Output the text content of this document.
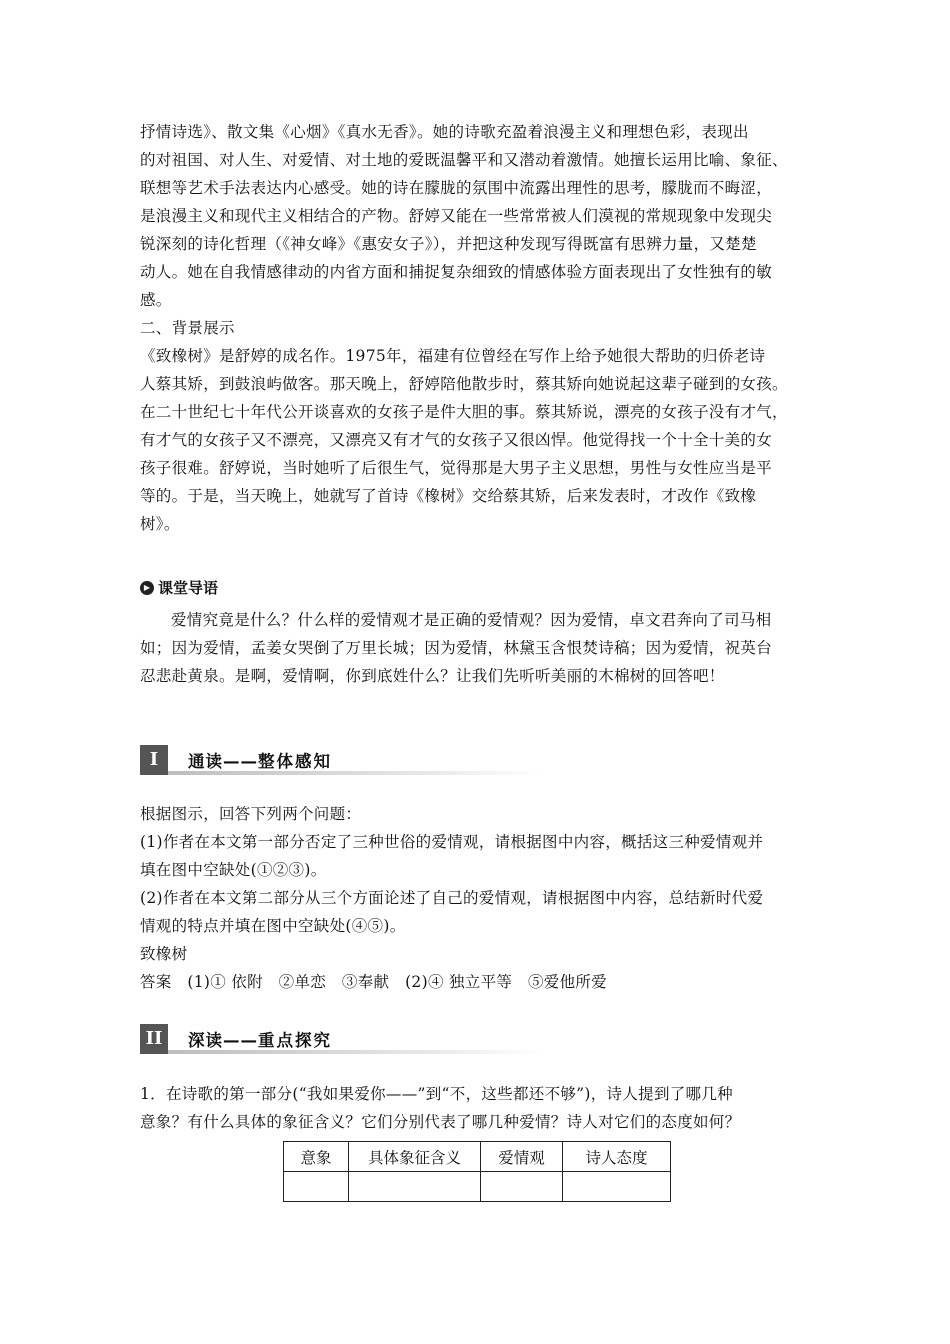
抒情诗选》、散文集《心烟》《真水无香》。她的诗歌充盈着浪漫主义和理想色彩，表现出

的对祖国、对人生、对爱情、对土地的爱既温馨平和又潜动着激情。她擅长运用比喻、象征、

联想等艺术手法表达内心感受。她的诗在朦胧的氛围中流露出理性的思考，朦胧而不晦涩，

是浪漫主义和现代主义相结合的产物。舒婷又能在一些常常被人们漠视的常规现象中发现尖

锐深刻的诗化哲理（《神女峰》《惠安女子》），并把这种发现写得既富有思辨力量，又楚楚

动人。她在自我情感律动的内省方面和捕捉复杂细致的情感体验方面表现出了女性独有的敏

感。

二、背景展示

《致橡树》是舒婷的成名作。1975年，福建有位曾经在写作上给予她很大帮助的归侨老诗

人蔡其矫，到鼓浪屿做客。那天晚上，舒婷陪他散步时，蔡其矫向她说起这辈子碰到的女孩。

在二十世纪七十年代公开谈喜欢的女孩子是件大胆的事。蔡其矫说，漂亮的女孩子没有才气，

有才气的女孩子又不漂亮，又漂亮又有才气的女孩子又很凶悍。他觉得找一个十全十美的女

孩子很难。舒婷说，当时她听了后很生气，觉得那是大男子主义思想，男性与女性应当是平

等的。于是，当天晚上，她就写了首诗《橡树》交给蔡其矫，后来发表时，才改作《致橡

树》。

▶ 课堂导语

爱情究竟是什么？什么样的爱情观才是正确的爱情观？因为爱情，卓文君奔向了司马相

如；因为爱情，孟姜女哭倒了万里长城；因为爱情，林黛玉含恨焚诗稿；因为爱情，祝英台

忍悲赴黄泉。是啊，爱情啊，你到底姓什么？让我们先听听美丽的木棉树的回答吧！

I	通读——整体感知

根据图示，回答下列两个问题：

(1)作者在本文第一部分否定了三种世俗的爱情观，请根据图中内容，概括这三种爱情观并

填在图中空缺处(①②③)。

(2)作者在本文第二部分从三个方面论述了自己的爱情观，请根据图中内容，总结新时代爱

情观的特点并填在图中空缺处(④⑤)。

致橡树

答案　(1)① 依附　②单恋　③奉献　(2)④ 独立平等　⑤爱他所爱

II	深读——重点探究

1．在诗歌的第一部分(“我如果爱你——”到“不，这些都还不够”)，诗人提到了哪几种

意象？有什么具体的象征含义？它们分别代表了哪几种爱情？诗人对它们的态度如何？

意象	具体象征含义	爱情观	诗人态度
